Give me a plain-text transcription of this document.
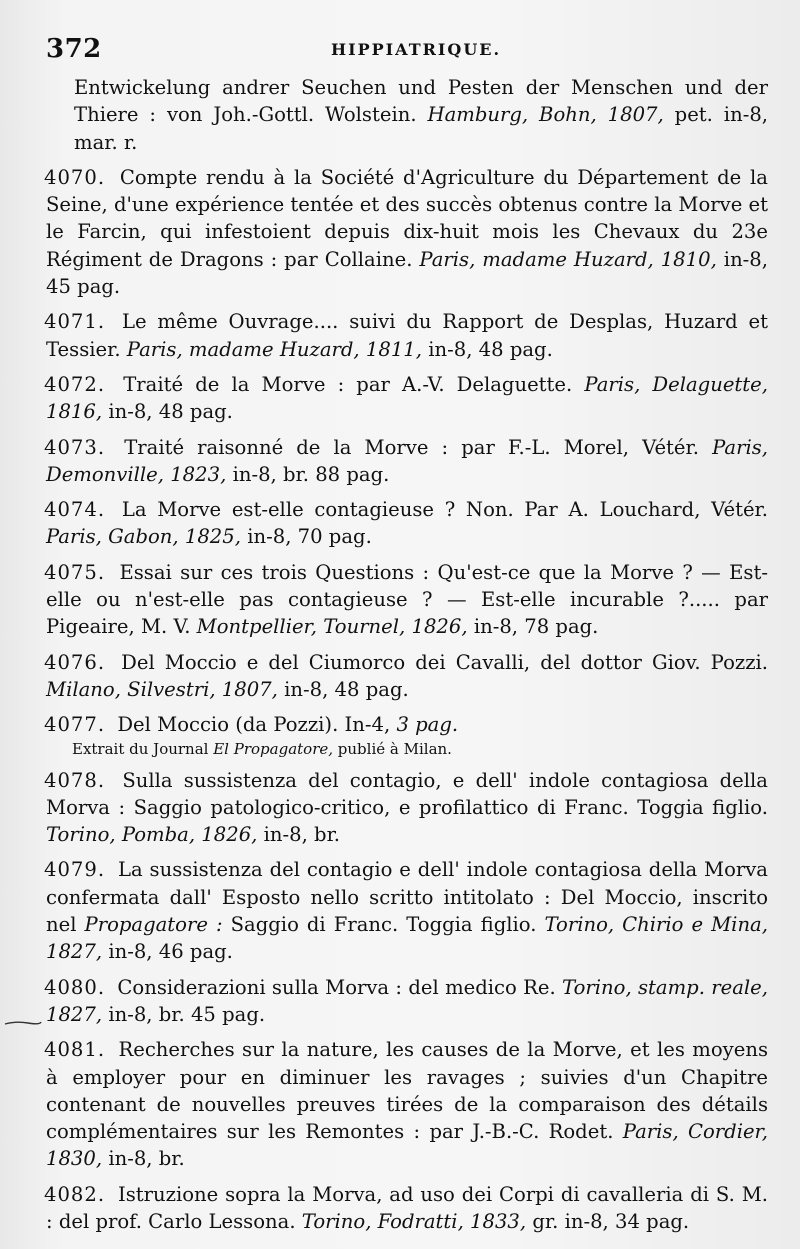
372	HIPPIATRIQUE.

Entwickelung andrer Seuchen und Pesten der Menschen und der Thiere : von Joh.-Gottl. Wolstein. Hamburg, Bohn, 1807, pet. in-8, mar. r.

4070. Compte rendu à la Société d'Agriculture du Département de la Seine, d'une expérience tentée et des succès obtenus contre la Morve et le Farcin, qui infestoient depuis dix-huit mois les Chevaux du 23e Régiment de Dragons : par Collaine. Paris, madame Huzard, 1810, in-8, 45 pag.

4071. Le même Ouvrage.... suivi du Rapport de Desplas, Huzard et Tessier. Paris, madame Huzard, 1811, in-8, 48 pag.

4072. Traité de la Morve : par A.-V. Delaguette. Paris, Delaguette, 1816, in-8, 48 pag.

4073. Traité raisonné de la Morve : par F.-L. Morel, Vétér. Paris, Demonville, 1823, in-8, br. 88 pag.

4074. La Morve est-elle contagieuse ? Non. Par A. Louchard, Vétér. Paris, Gabon, 1825, in-8, 70 pag.

4075. Essai sur ces trois Questions : Qu'est-ce que la Morve ? — Est-elle ou n'est-elle pas contagieuse ? — Est-elle incurable ?..... par Pigeaire, M. V. Montpellier, Tournel, 1826, in-8, 78 pag.

4076. Del Moccio e del Ciumorco dei Cavalli, del dottor Giov. Pozzi. Milano, Silvestri, 1807, in-8, 48 pag.

4077. Del Moccio (da Pozzi). In-4, 3 pag.
Extrait du Journal El Propagatore, publié à Milan.

4078. Sulla sussistenza del contagio, e dell' indole contagiosa della Morva : Saggio patologico-critico, e profilattico di Franc. Toggia figlio. Torino, Pomba, 1826, in-8, br.

4079. La sussistenza del contagio e dell' indole contagiosa della Morva confermata dall' Esposto nello scritto intitolato : Del Moccio, inscrito nel Propagatore : Saggio di Franc. Toggia figlio. Torino, Chirio e Mina, 1827, in-8, 46 pag.

4080. Considerazioni sulla Morva : del medico Re. Torino, stamp. reale, 1827, in-8, br. 45 pag.

4081. Recherches sur la nature, les causes de la Morve, et les moyens à employer pour en diminuer les ravages ; suivies d'un Chapitre contenant de nouvelles preuves tirées de la comparaison des détails complémentaires sur les Remontes : par J.-B.-C. Rodet. Paris, Cordier, 1830, in-8, br.

4082. Istruzione sopra la Morva, ad uso dei Corpi di cavalleria di S. M. : del prof. Carlo Lessona. Torino, Fodratti, 1833, gr. in-8, 34 pag.
